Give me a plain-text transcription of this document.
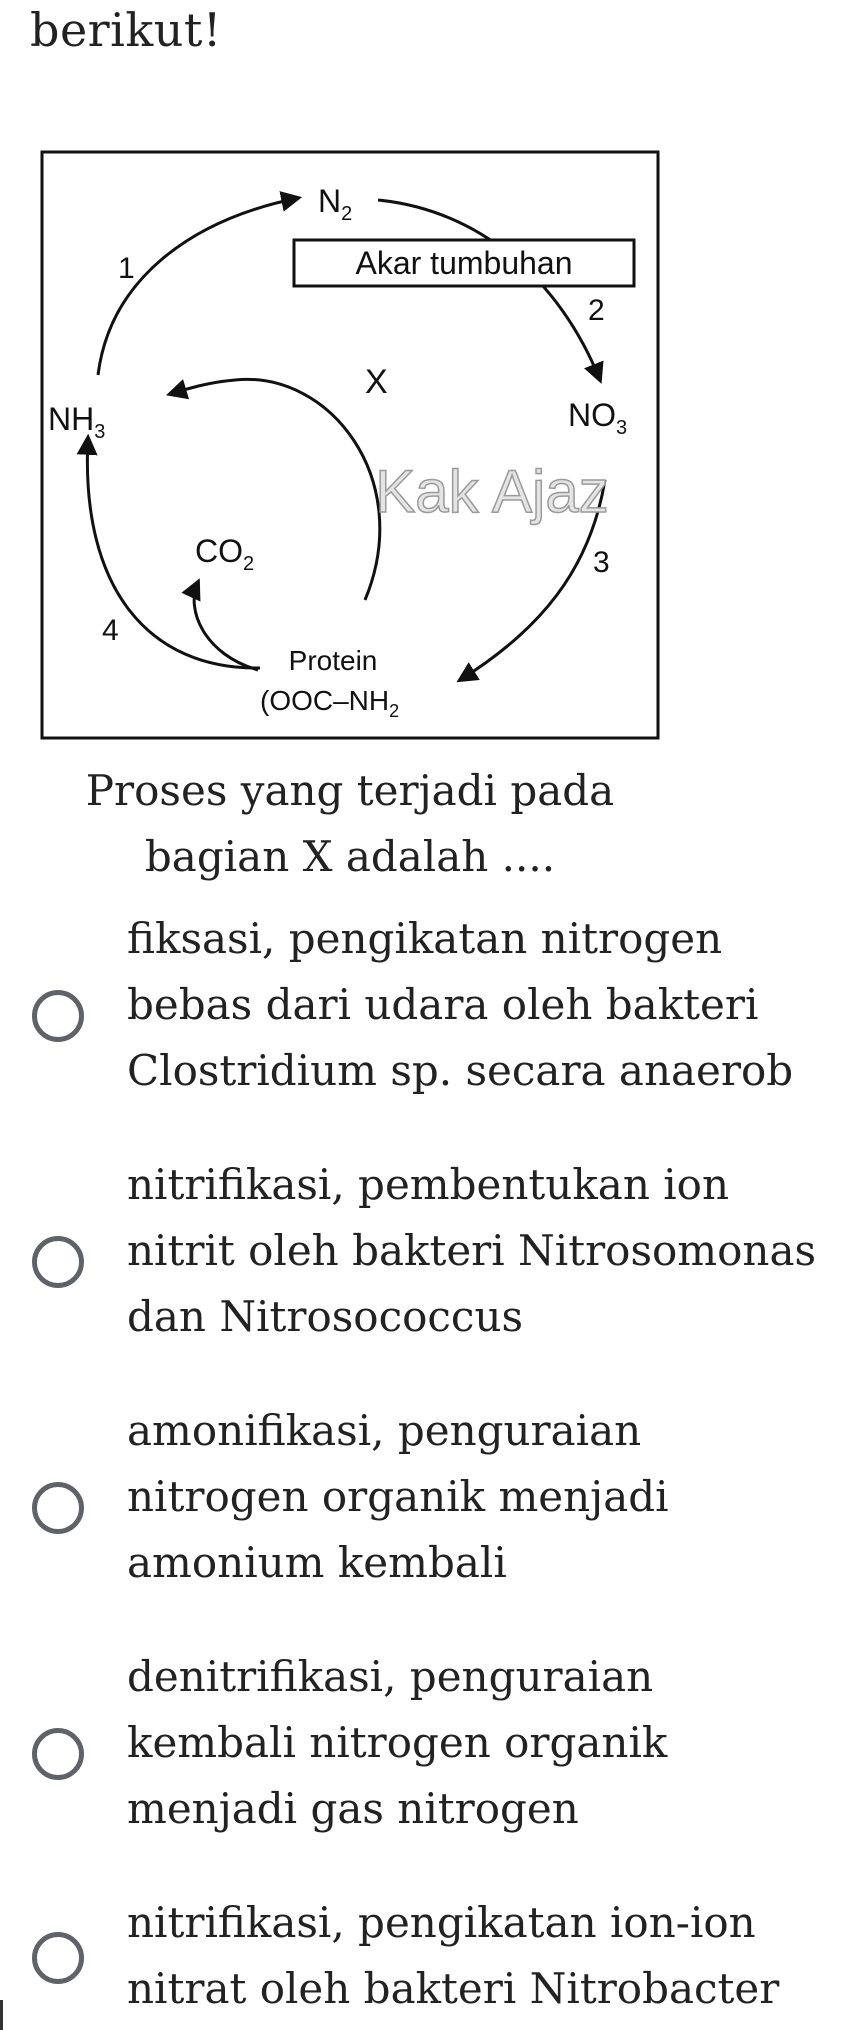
berikut!
Akar tumbuhan
$N_2$
$NH_3$	$NO_3$
$CO_2$
X
1
2
3
4
Protein
($OOC-NH_2$
Kak Ajaz
Proses yang terjadi pada
bagian X adalah ....
fiksasi, pengikatan nitrogen
bebas dari udara oleh bakteri
Clostridium sp. secara anaerob
nitrifikasi, pembentukan ion
nitrit oleh bakteri Nitrosomonas
dan Nitrosococcus
amonifikasi, penguraian
nitrogen organik menjadi
amonium kembali
denitrifikasi, penguraian
kembali nitrogen organik
menjadi gas nitrogen
nitrifikasi, pengikatan ion-ion
nitrat oleh bakteri Nitrobacter
